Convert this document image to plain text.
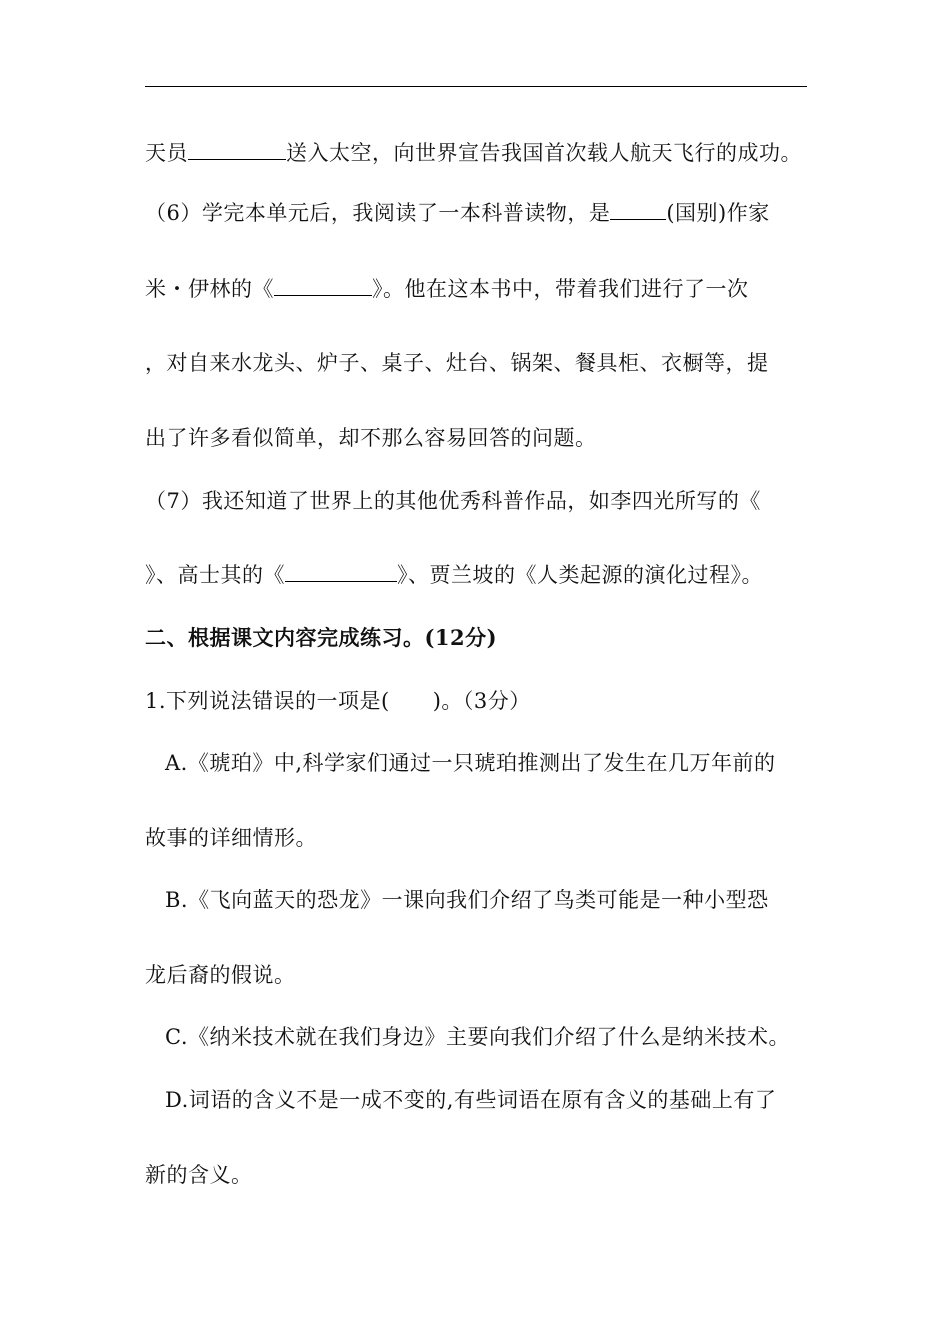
天员	送入太空，向世界宣告我国首次载人航天飞行的成功。
（6）学完本单元后，我阅读了一本科普读物，是	(国别)作家
米・伊林的《	》。他在这本书中，带着我们进行了一次
，对自来水龙头、炉子、桌子、灶台、锅架、餐具柜、衣橱等，提
出了许多看似简单，却不那么容易回答的问题。
（7）我还知道了世界上的其他优秀科普作品，如李四光所写的《
》、高士其的《	》、贾兰坡的《人类起源的演化过程》。
二、根据课文内容完成练习。(12分)
1.下列说法错误的一项是(　　)。（3分）
A.《琥珀》中,科学家们通过一只琥珀推测出了发生在几万年前的
故事的详细情形。
B.《飞向蓝天的恐龙》一课向我们介绍了鸟类可能是一种小型恐
龙后裔的假说。
C.《纳米技术就在我们身边》主要向我们介绍了什么是纳米技术。
D.词语的含义不是一成不变的,有些词语在原有含义的基础上有了
新的含义。
